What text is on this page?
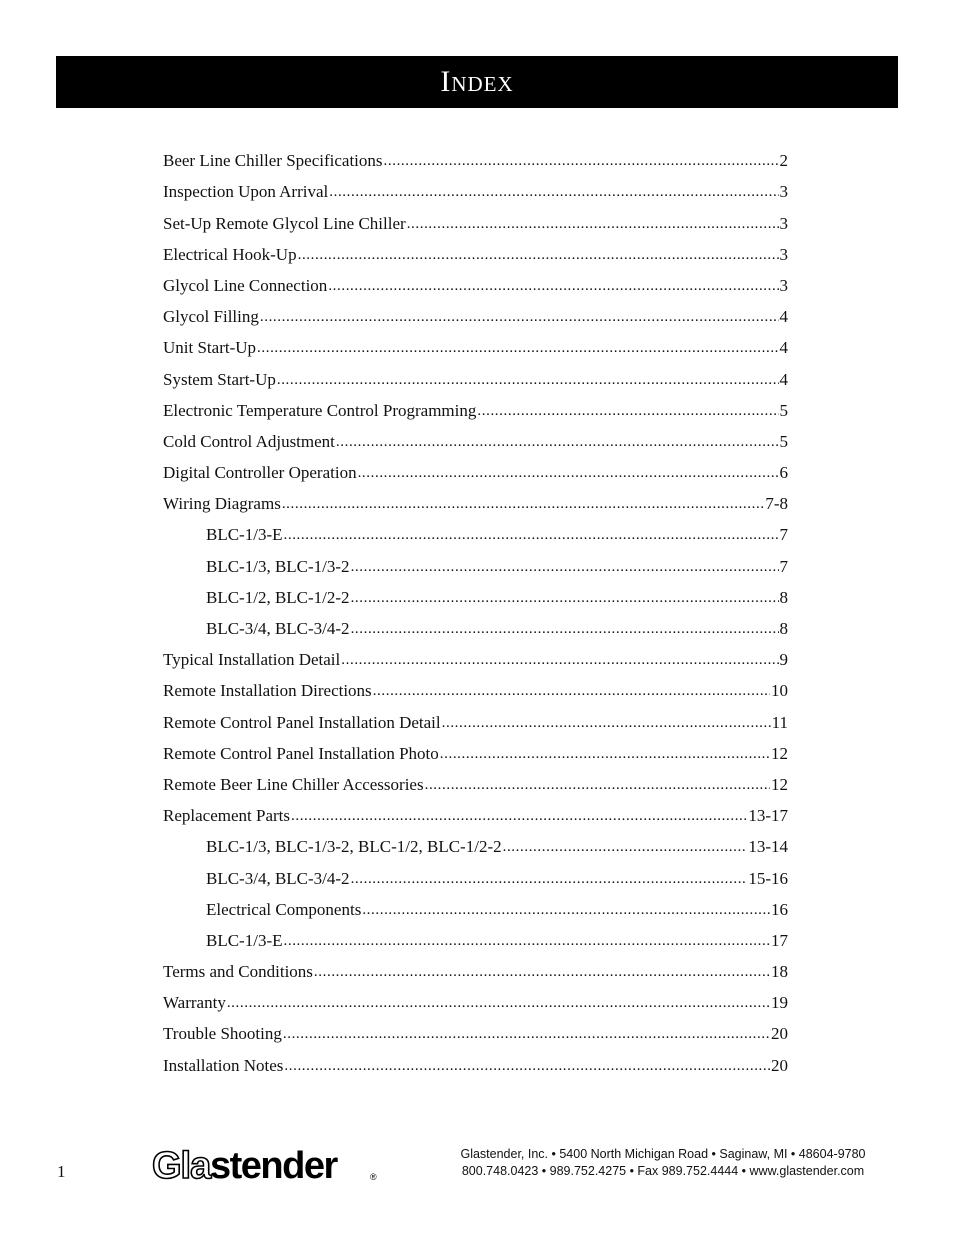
Index
Beer Line Chiller Specifications .....	2
Inspection Upon Arrival .....	3
Set-Up Remote Glycol Line Chiller .....	3
Electrical Hook-Up .....	3
Glycol Line Connection .....	3
Glycol Filling .....	4
Unit Start-Up .....	4
System Start-Up .....	4
Electronic Temperature Control Programming .....	5
Cold Control Adjustment .....	5
Digital Controller Operation .....	6
Wiring Diagrams .....	7-8
BLC-1/3-E .....	7
BLC-1/3, BLC-1/3-2 .....	7
BLC-1/2, BLC-1/2-2 .....	8
BLC-3/4, BLC-3/4-2 .....	8
Typical Installation Detail .....	9
Remote Installation Directions .....	10
Remote Control Panel Installation Detail .....	11
Remote Control Panel Installation Photo .....	12
Remote Beer Line Chiller Accessories .....	12
Replacement Parts .....	13-17
BLC-1/3, BLC-1/3-2, BLC-1/2, BLC-1/2-2 .....	13-14
BLC-3/4, BLC-3/4-2 .....	15-16
Electrical Components .....	16
BLC-1/3-E .....	17
Terms and Conditions .....	18
Warranty .....	19
Trouble Shooting .....	20
Installation Notes .....	20
1 Gla stender	®
Glastender, Inc. • 5400 North Michigan Road • Saginaw, MI • 48604-9780
800.748.0423 • 989.752.4275 • Fax 989.752.4444 • www.glastender.com
